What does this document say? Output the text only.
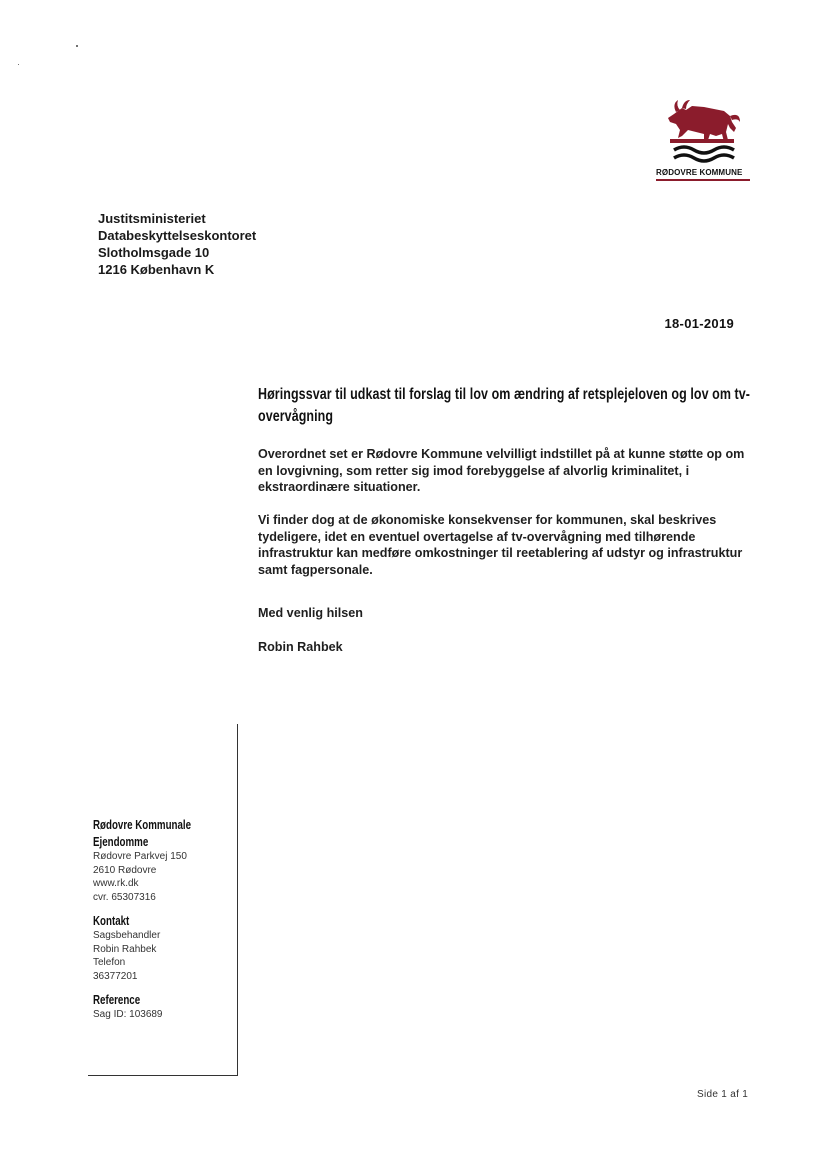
RØDOVRE KOMMUNE
Justitsministeriet
Databeskyttelseskontoret
Slotholmsgade 10
1216 København K
18-01-2019
Høringssvar til udkast til forslag til lov om ændring af retsplejeloven og lov om tv-overvågning
Overordnet set er Rødovre Kommune velvilligt indstillet på at kunne støtte op om en lovgivning, som retter sig imod forebyggelse af alvorlig kriminalitet, i ekstraordinære situationer.
Vi finder dog at de økonomiske konsekvenser for kommunen, skal beskrives tydeligere, idet en eventuel overtagelse af tv-overvågning med tilhørende infrastruktur kan medføre omkostninger til reetablering af udstyr og infrastruktur samt fagpersonale.
Med venlig hilsen
Robin Rahbek
Rødovre Kommunale Ejendomme
Rødovre Parkvej 150
2610 Rødovre
www.rk.dk
cvr. 65307316
Kontakt
Sagsbehandler
Robin Rahbek
Telefon
36377201
Reference
Sag ID: 103689
Side 1 af 1
